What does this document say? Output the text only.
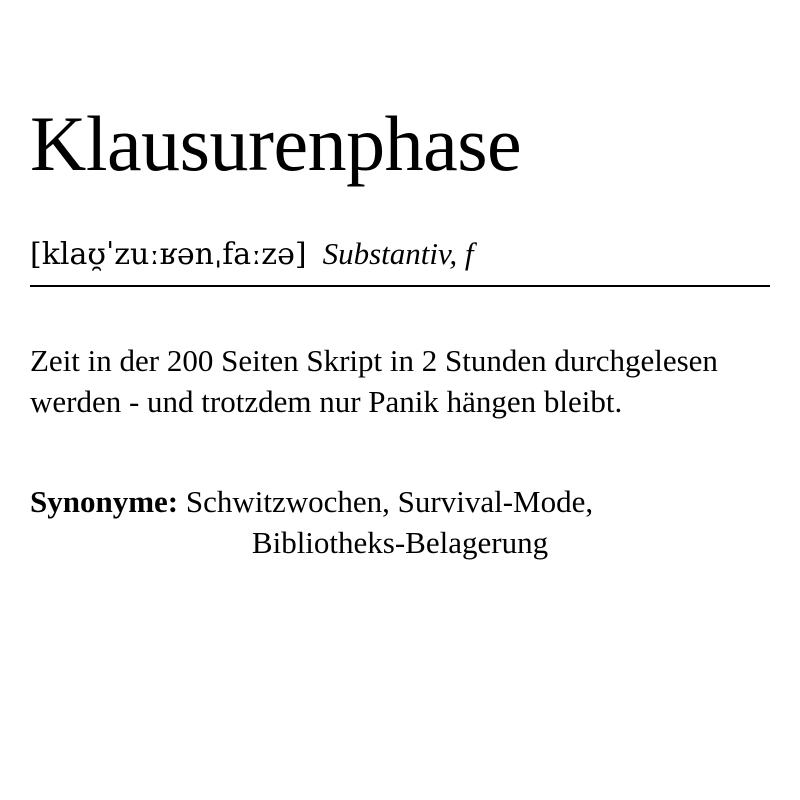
Klausurenphase
[klaʊ̯ˈzuːʁənˌfaːzə] Substantiv, f

Zeit in der 200 Seiten Skript in 2 Stunden durchgelesen werden - und trotzdem nur Panik hängen bleibt.

Synonyme: Schwitzwochen, Survival-Mode,
Bibliotheks-Belagerung
